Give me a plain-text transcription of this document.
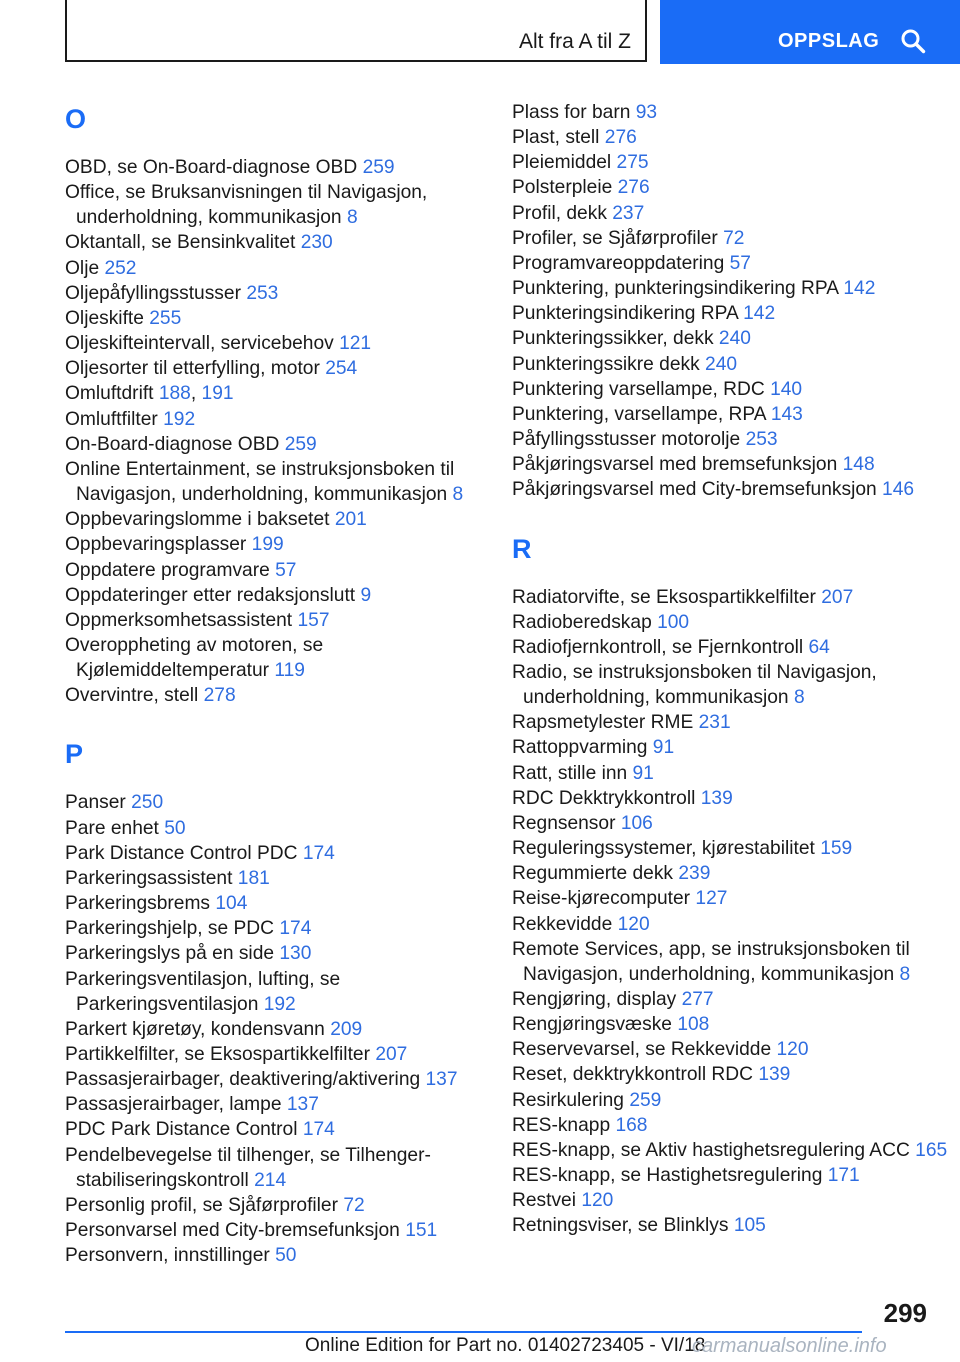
Alt fra A til Z	OPPSLAG
O
OBD, se On-Board-diagnose OBD 259
Office, se Bruksanvisningen til Navigasjon, underholdning, kommunikasjon 8
Oktantall, se Bensinkvalitet 230
Olje 252
Oljepåfyllingsstusser 253
Oljeskifte 255
Oljeskifteintervall, servicebehov 121
Oljesorter til etterfylling, motor 254
Omluftdrift 188, 191
Omluftfilter 192
On-Board-diagnose OBD 259
Online Entertainment, se instruksjonsboken til Navigasjon, underholdning, kommunikasjon 8
Oppbevaringslomme i baksetet 201
Oppbevaringsplasser 199
Oppdatere programvare 57
Oppdateringer etter redaksjonslutt 9
Oppmerksomhetsassistent 157
Overoppheting av motoren, se Kjølemiddeltemperatur 119
Overvintre, stell 278
P
Panser 250
Pare enhet 50
Park Distance Control PDC 174
Parkeringsassistent 181
Parkeringsbrems 104
Parkeringshjelp, se PDC 174
Parkeringslys på en side 130
Parkeringsventilasjon, lufting, se Parkeringsventilasjon 192
Parkert kjøretøy, kondensvann 209
Partikkelfilter, se Eksospartikkelfilter 207
Passasjerairbager, deaktivering/aktivering 137
Passasjerairbager, lampe 137
PDC Park Distance Control 174
Pendelbevegelse til tilhenger, se Tilhenger-stabiliseringskontroll 214
Personlig profil, se Sjåførprofiler 72
Personvarsel med City-bremsefunksjon 151
Personvern, innstillinger 50
Plass for barn 93
Plast, stell 276
Pleiemiddel 275
Polsterpleie 276
Profil, dekk 237
Profiler, se Sjåførprofiler 72
Programvareoppdatering 57
Punktering, punkteringsindikering RPA 142
Punkteringsindikering RPA 142
Punkteringssikker, dekk 240
Punkteringssikre dekk 240
Punktering varsellampe, RDC 140
Punktering, varsellampe, RPA 143
Påfyllingsstusser motorolje 253
Påkjøringsvarsel med bremsefunksjon 148
Påkjøringsvarsel med City-bremsefunksjon 146
R
Radiatorvifte, se Eksospartikkelfilter 207
Radioberedskap 100
Radiofjernkontroll, se Fjernkontroll 64
Radio, se instruksjonsboken til Navigasjon, underholdning, kommunikasjon 8
Rapsmetylester RME 231
Rattoppvarming 91
Ratt, stille inn 91
RDC Dekktrykkontroll 139
Regnsensor 106
Reguleringssystemer, kjørestabilitet 159
Regummierte dekk 239
Reise-kjørecomputer 127
Rekkevidde 120
Remote Services, app, se instruksjonsboken til Navigasjon, underholdning, kommunikasjon 8
Rengjøring, display 277
Rengjøringsvæske 108
Reservevarsel, se Rekkevidde 120
Reset, dekktrykkontroll RDC 139
Resirkulering 259
RES-knapp 168
RES-knapp, se Aktiv hastighetsregulering ACC 165
RES-knapp, se Hastighetsregulering 171
Restvei 120
Retningsviser, se Blinklys 105
299
Online Edition for Part no. 01402723405 - VI/18
carmanualsonline.info
